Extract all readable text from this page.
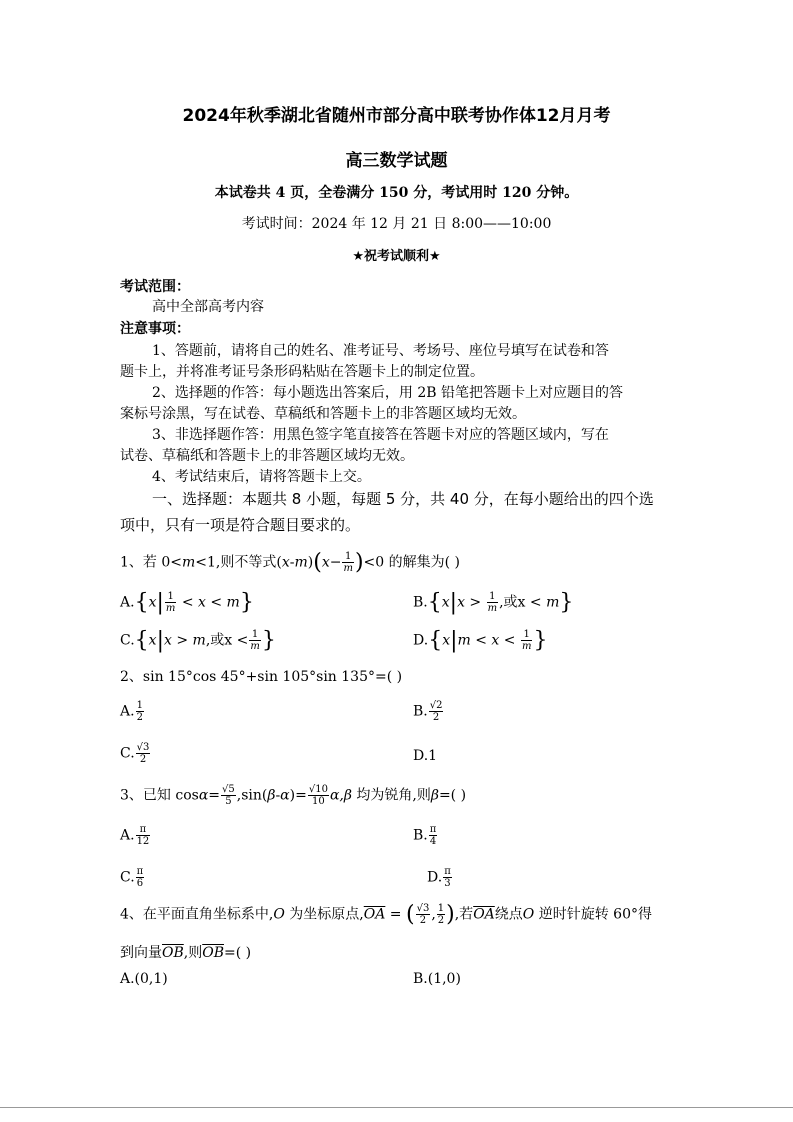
2024年秋季湖北省随州市部分高中联考协作体12月月考
高三数学试题
本试卷共 4 页，全卷满分 150 分，考试用时 120 分钟。
考试时间：2024 年 12 月 21 日 8:00——10:00
★祝考试顺利★
考试范围：
高中全部高考内容
注意事项：
1、答题前，请将自己的姓名、准考证号、考场号、座位号填写在试卷和答
题卡上，并将准考证号条形码粘贴在答题卡上的制定位置。
2、选择题的作答：每小题选出答案后，用 2B 铅笔把答题卡上对应题目的答
案标号涂黑，写在试卷、草稿纸和答题卡上的非答题区域均无效。
3、非选择题作答：用黑色签字笔直接答在答题卡对应的答题区域内，写在
试卷、草稿纸和答题卡上的非答题区域均无效。
4、考试结束后，请将答题卡上交。
一、选择题：本题共 8 小题，每题 5 分，共 40 分，在每小题给出的四个选
项中，只有一项是符合题目要求的。
1、若 0<m<1,则不等式$(x-m)(x- \frac{1}{m} )<0$ 的解集为( )
$A.\{x| \frac{1}{m} < x < m\}$	$B.\{x|x > \frac{1}{m}$ ,或x < m}
C.{x|x > m,或$x < \frac{1}{m}$ }	$D.\{x|m < x < \frac{1}{m}$ }
2、sin 15°cos 45°+sin 105°sin 135°=( )
A. $\frac{1}{2}$	B. $\frac{√2}{2}$
C. $\frac{√3}{2}$	D.1
3、已知 $\cos\alpha= \frac{√5}{5} ,\sin(\beta-\alpha)= \frac{√10}{10} \alpha,\beta$ 均为锐角,则β=( )
A. $\frac{\pi}{12}$	B. $\frac{\pi}{4}$
C. $\frac{\pi}{6}$	D. $\frac{\pi}{3}$
4、在平面直角坐标系中,O 为坐标原点$,\overline{OA}$ = ( $\frac{√3}{2}$ , $\frac{1}{2}$ ),若$\overline{OA}$绕点O 逆时针旋转 60°得
到向量$\overline{OB}$,则$\overline{OB}=$( )
A.(0,1)	B.(1,0)
